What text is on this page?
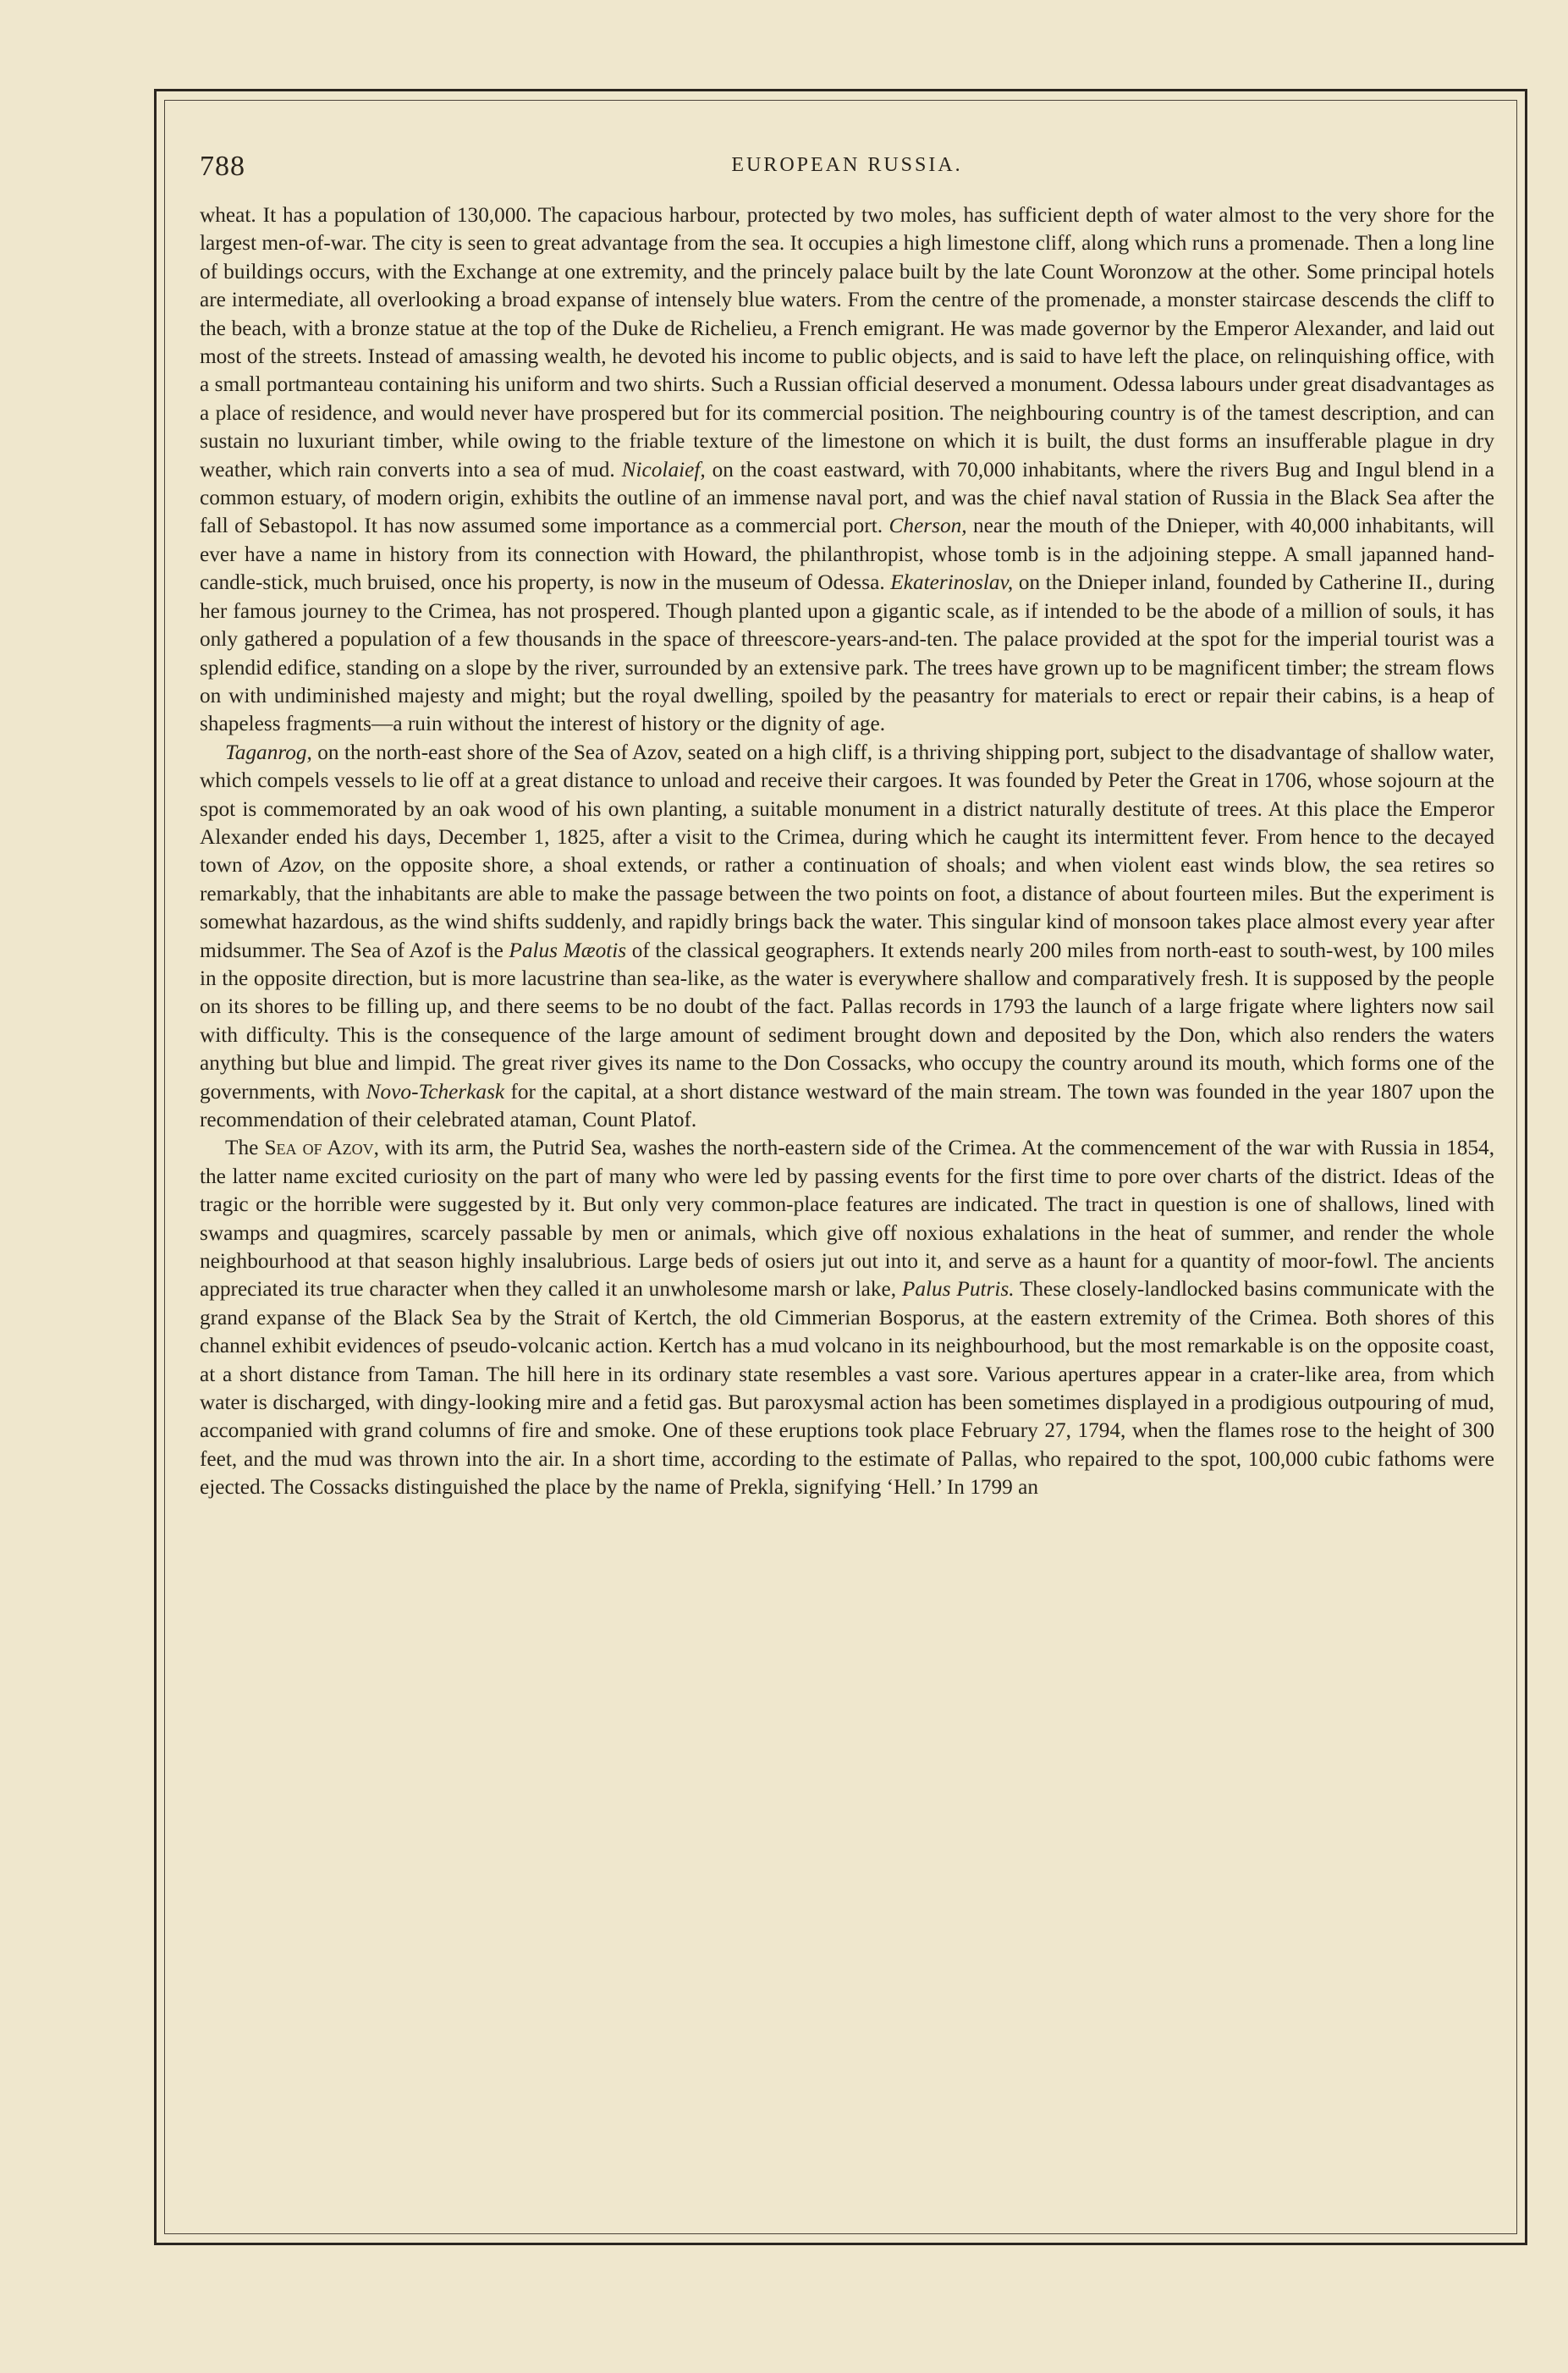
788	EUROPEAN RUSSIA.

wheat. It has a population of 130,000. The capacious harbour, protected by two moles, has sufficient depth of water almost to the very shore for the largest men-of-war. The city is seen to great advantage from the sea. It occupies a high limestone cliff, along which runs a promenade. Then a long line of buildings occurs, with the Exchange at one extremity, and the princely palace built by the late Count Woronzow at the other. Some principal hotels are intermediate, all overlooking a broad expanse of intensely blue waters. From the centre of the promenade, a monster staircase descends the cliff to the beach, with a bronze statue at the top of the Duke de Richelieu, a French emigrant. He was made governor by the Emperor Alexander, and laid out most of the streets. Instead of amassing wealth, he devoted his income to public objects, and is said to have left the place, on relinquishing office, with a small portmanteau containing his uniform and two shirts. Such a Russian official deserved a monument. Odessa labours under great disadvantages as a place of residence, and would never have prospered but for its commercial position. The neighbouring country is of the tamest description, and can sustain no luxuriant timber, while owing to the friable texture of the limestone on which it is built, the dust forms an insufferable plague in dry weather, which rain converts into a sea of mud. Nicolaief, on the coast eastward, with 70,000 inhabitants, where the rivers Bug and Ingul blend in a common estuary, of modern origin, exhibits the outline of an immense naval port, and was the chief naval station of Russia in the Black Sea after the fall of Sebastopol. It has now assumed some importance as a commercial port. Cherson, near the mouth of the Dnieper, with 40,000 inhabitants, will ever have a name in history from its connection with Howard, the philanthropist, whose tomb is in the adjoining steppe. A small japanned hand-candle-stick, much bruised, once his property, is now in the museum of Odessa. Ekaterinoslav, on the Dnieper inland, founded by Catherine II., during her famous journey to the Crimea, has not prospered. Though planted upon a gigantic scale, as if intended to be the abode of a million of souls, it has only gathered a population of a few thousands in the space of threescore-years-and-ten. The palace provided at the spot for the imperial tourist was a splendid edifice, standing on a slope by the river, surrounded by an extensive park. The trees have grown up to be magnificent timber; the stream flows on with undiminished majesty and might; but the royal dwelling, spoiled by the peasantry for materials to erect or repair their cabins, is a heap of shapeless fragments—a ruin without the interest of history or the dignity of age.

Taganrog, on the north-east shore of the Sea of Azov, seated on a high cliff, is a thriving shipping port, subject to the disadvantage of shallow water, which compels vessels to lie off at a great distance to unload and receive their cargoes. It was founded by Peter the Great in 1706, whose sojourn at the spot is commemorated by an oak wood of his own planting, a suitable monument in a district naturally destitute of trees. At this place the Emperor Alexander ended his days, December 1, 1825, after a visit to the Crimea, during which he caught its intermittent fever. From hence to the decayed town of Azov, on the opposite shore, a shoal extends, or rather a continuation of shoals; and when violent east winds blow, the sea retires so remarkably, that the inhabitants are able to make the passage between the two points on foot, a distance of about fourteen miles. But the experiment is somewhat hazardous, as the wind shifts suddenly, and rapidly brings back the water. This singular kind of monsoon takes place almost every year after midsummer. The Sea of Azof is the Palus Mæotis of the classical geographers. It extends nearly 200 miles from north-east to south-west, by 100 miles in the opposite direction, but is more lacustrine than sea-like, as the water is everywhere shallow and comparatively fresh. It is supposed by the people on its shores to be filling up, and there seems to be no doubt of the fact. Pallas records in 1793 the launch of a large frigate where lighters now sail with difficulty. This is the consequence of the large amount of sediment brought down and deposited by the Don, which also renders the waters anything but blue and limpid. The great river gives its name to the Don Cossacks, who occupy the country around its mouth, which forms one of the governments, with Novo-Tcherkask for the capital, at a short distance westward of the main stream. The town was founded in the year 1807 upon the recommendation of their celebrated ataman, Count Platof.

The Sea of Azov, with its arm, the Putrid Sea, washes the north-eastern side of the Crimea. At the commencement of the war with Russia in 1854, the latter name excited curiosity on the part of many who were led by passing events for the first time to pore over charts of the district. Ideas of the tragic or the horrible were suggested by it. But only very common-place features are indicated. The tract in question is one of shallows, lined with swamps and quagmires, scarcely passable by men or animals, which give off noxious exhalations in the heat of summer, and render the whole neighbourhood at that season highly insalubrious. Large beds of osiers jut out into it, and serve as a haunt for a quantity of moor-fowl. The ancients appreciated its true character when they called it an unwholesome marsh or lake, Palus Putris. These closely-landlocked basins communicate with the grand expanse of the Black Sea by the Strait of Kertch, the old Cimmerian Bosporus, at the eastern extremity of the Crimea. Both shores of this channel exhibit evidences of pseudo-volcanic action. Kertch has a mud volcano in its neighbourhood, but the most remarkable is on the opposite coast, at a short distance from Taman. The hill here in its ordinary state resembles a vast sore. Various apertures appear in a crater-like area, from which water is discharged, with dingy-looking mire and a fetid gas. But paroxysmal action has been sometimes displayed in a prodigious outpouring of mud, accompanied with grand columns of fire and smoke. One of these eruptions took place February 27, 1794, when the flames rose to the height of 300 feet, and the mud was thrown into the air. In a short time, according to the estimate of Pallas, who repaired to the spot, 100,000 cubic fathoms were ejected. The Cossacks distinguished the place by the name of Prekla, signifying ‘Hell.’ In 1799 an
